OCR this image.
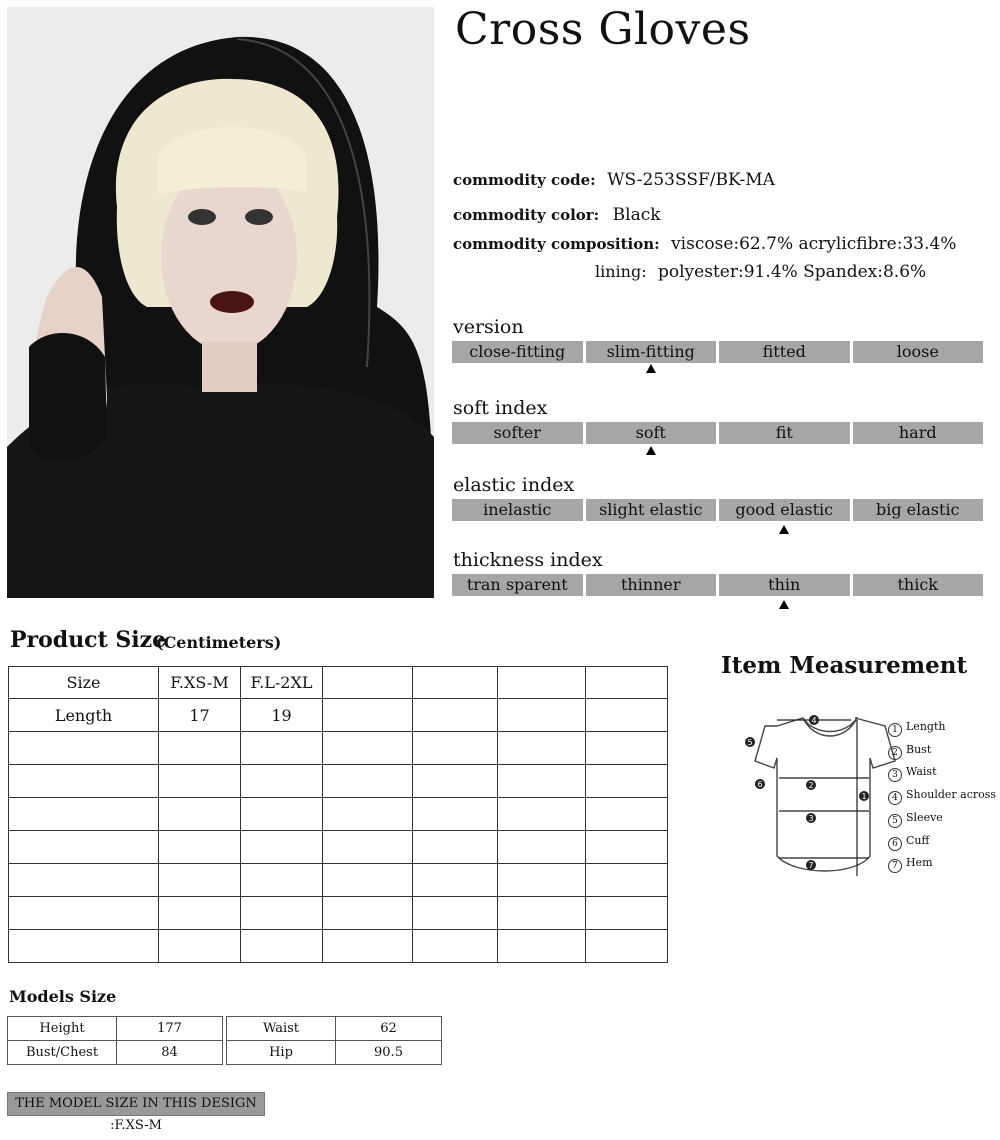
Cross Gloves
commodity code: WS-253SSF/BK-MA
commodity color: Black
commodity composition: viscose:62.7% acrylicfibre:33.4%
lining: polyester:91.4% Spandex:8.6%
version
close-fitting	slim-fitting	fitted	loose
soft index
softer	soft	fit	hard
elastic index
inelastic	slight elastic	good elastic	big elastic
thickness index
tran sparent	thinner	thin	thick
Product Size
(Centimeters)
Size	F.XS-M	F.L-2XL				
Length	17	19				

Item Measurement
4
2
3
7
1
5
6
1 Length
2 Bust
3 Waist
4 Shoulder across
5 Sleeve
6 Cuff
7 Hem
Models Size
Height	177
Bust/Chest	84
Waist	62
Hip	90.5
THE MODEL SIZE IN THIS DESIGN :F.XS-M
